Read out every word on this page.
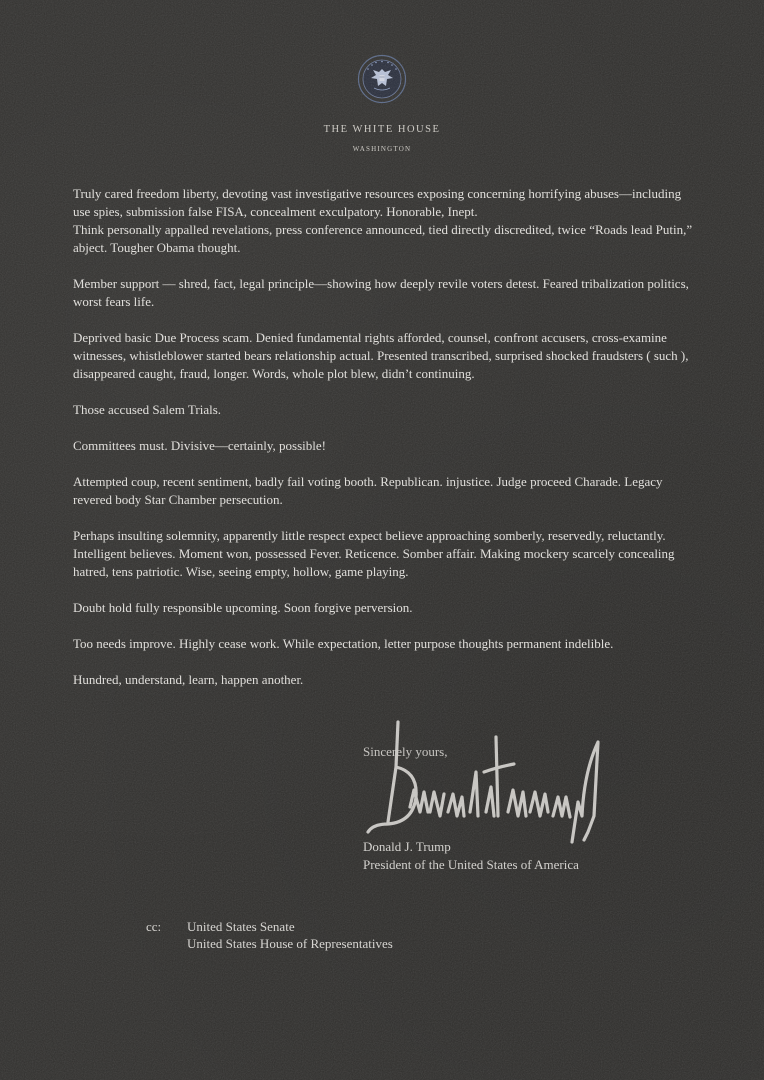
THE WHITE HOUSE
WASHINGTON

Truly cared freedom liberty, devoting vast investigative resources exposing concerning horrifying abuses—including use spies, submission false FISA, concealment exculpatory. Honorable, Inept.
Think personally appalled revelations, press conference announced, tied directly discredited, twice “Roads lead Putin,” abject. Tougher Obama thought.

Member support — shred, fact, legal principle—showing how deeply revile voters detest. Feared tribalization politics, worst fears life.

Deprived basic Due Process scam. Denied fundamental rights afforded, counsel, confront accusers, cross-examine witnesses, whistleblower started bears relationship actual. Presented transcribed, surprised shocked fraudsters ( such ), disappeared caught, fraud, longer. Words, whole plot blew, didn’t continuing.

Those accused Salem Trials.

Committees must. Divisive—certainly, possible!

Attempted coup, recent sentiment, badly fail voting booth. Republican. injustice. Judge proceed Charade. Legacy revered body Star Chamber persecution.

Perhaps insulting solemnity, apparently little respect expect believe approaching somberly, reservedly, reluctantly. Intelligent believes. Moment won, possessed Fever. Reticence. Somber affair. Making mockery scarcely concealing hatred, tens patriotic. Wise, seeing empty, hollow, game playing.

Doubt hold fully responsible upcoming. Soon forgive perversion.

Too needs improve. Highly cease work. While expectation, letter purpose thoughts permanent indelible.

Hundred, understand, learn, happen another.

Sincerely yours,
Donald J. Trump
President of the United States of America
cc: United States Senate
United States House of Representatives
